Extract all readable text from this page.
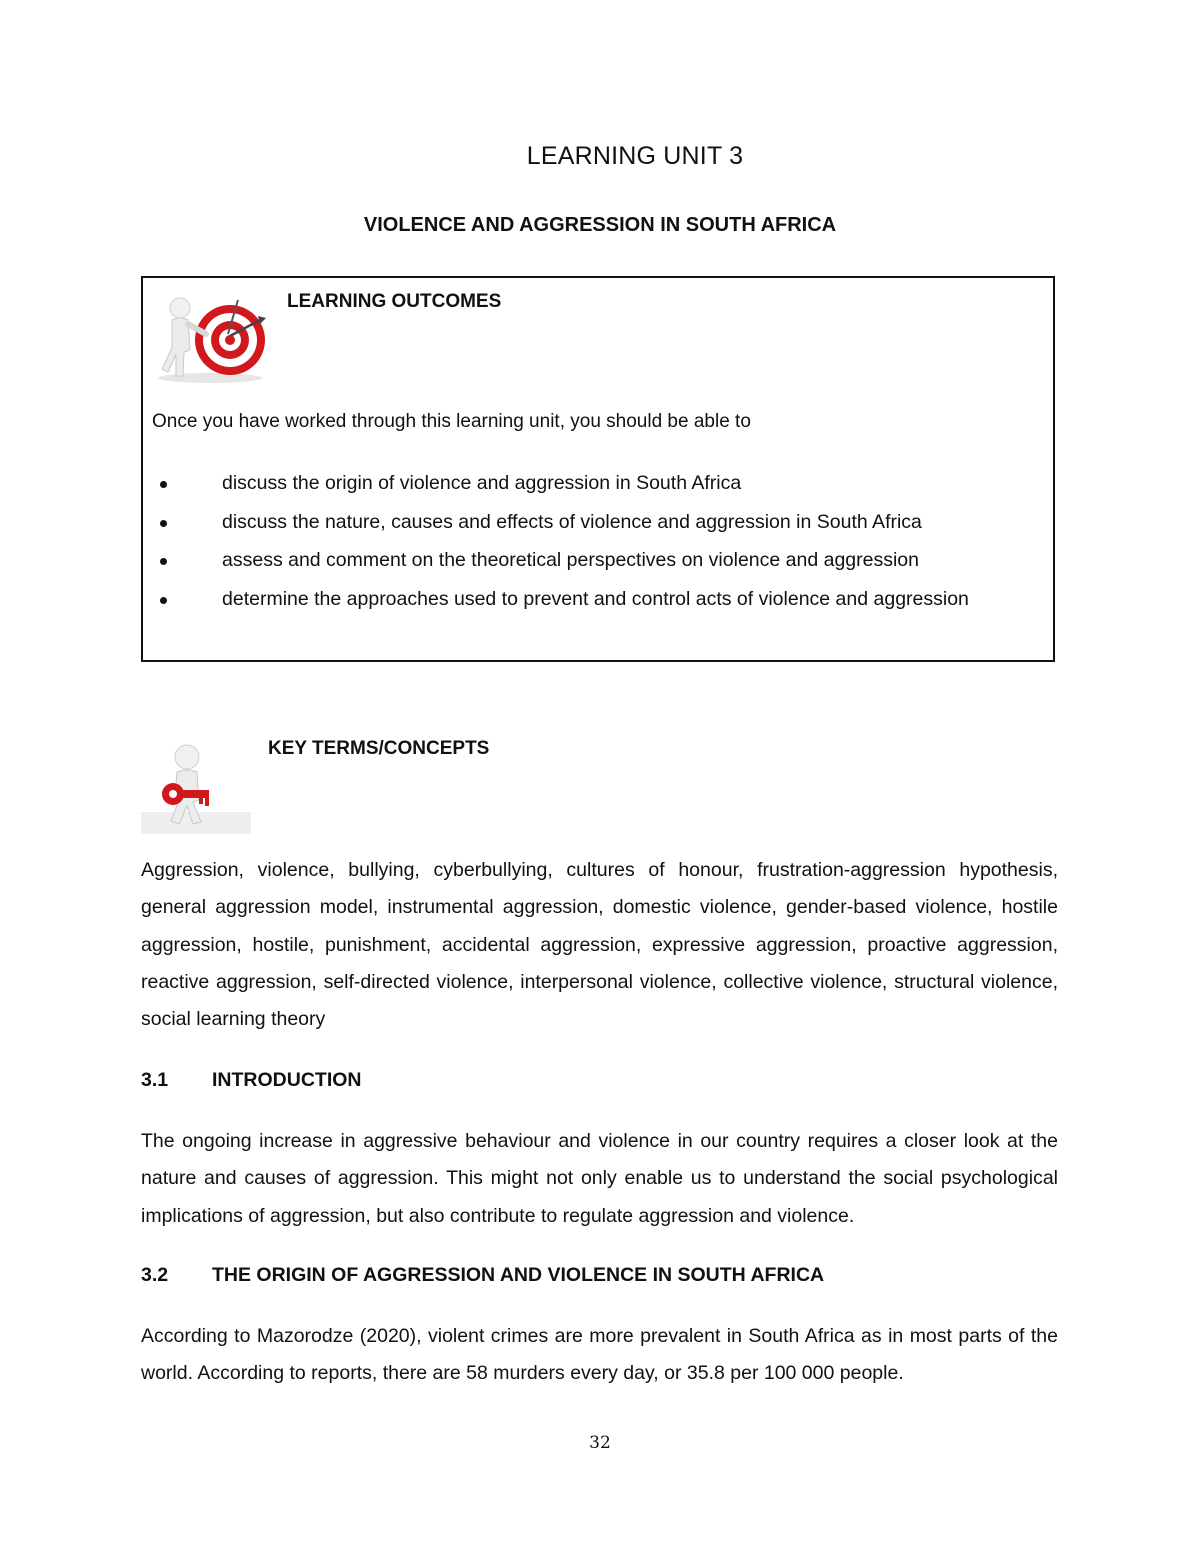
LEARNING UNIT 3
VIOLENCE AND AGGRESSION IN SOUTH AFRICA
LEARNING OUTCOMES
Once you have worked through this learning unit, you should be able to
discuss the origin of violence and aggression in South Africa
discuss the nature, causes and effects of violence and aggression in South Africa
assess and comment on the theoretical perspectives on violence and aggression
determine the approaches used to prevent and control acts of violence and aggression
KEY TERMS/CONCEPTS
Aggression, violence, bullying, cyberbullying, cultures of honour, frustration-aggression hypothesis, general aggression model, instrumental aggression, domestic violence, gender-based violence, hostile aggression, hostile, punishment, accidental aggression, expressive aggression, proactive aggression, reactive aggression, self-directed violence, interpersonal violence, collective violence, structural violence, social learning theory
3.1 INTRODUCTION
The ongoing increase in aggressive behaviour and violence in our country requires a closer look at the nature and causes of aggression. This might not only enable us to understand the social psychological implications of aggression, but also contribute to regulate aggression and violence.
3.2 THE ORIGIN OF AGGRESSION AND VIOLENCE IN SOUTH AFRICA
According to Mazorodze (2020), violent crimes are more prevalent in South Africa as in most parts of the world. According to reports, there are 58 murders every day, or 35.8 per 100 000 people.
32
